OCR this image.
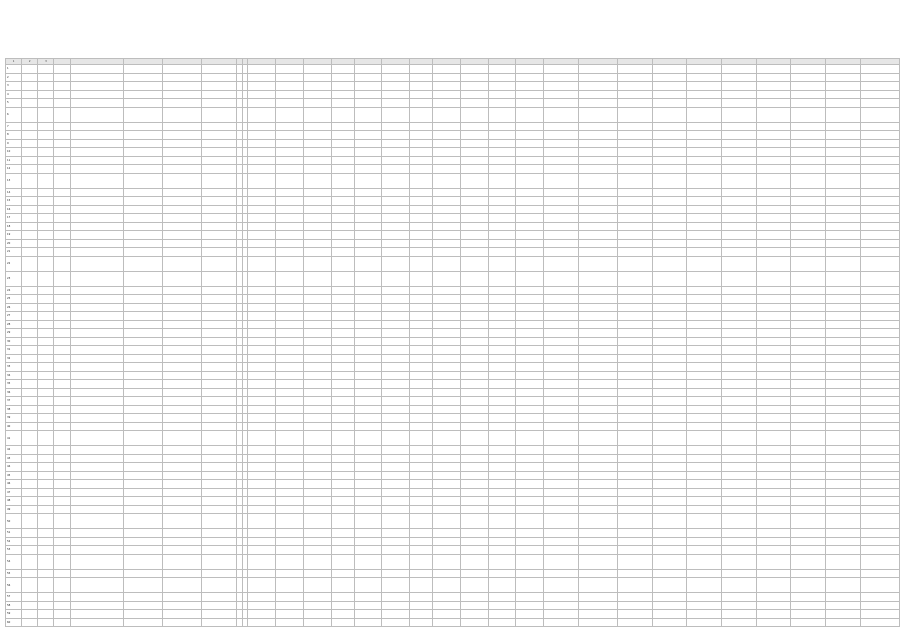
1	2	3																												
1																														
2																														
3																														
4																														
5																														
6																														
7																														
8																														
9																														
10																														
11																														
12																														
13																														
14																														
15																														
16																														
17																														
18																														
19																														
20																														
21																														
22																														
23																														
24																														
25																														
26																														
27																														
28																														
29																														
30																														
31																														
32																														
33																														
34																														
35																														
36																														
37																														
38																														
39																														
40																														
41																														
42																														
43																														
44																														
45																														
46																														
47																														
48																														
49																														
50																														
51																														
52																														
53																														
54																														
55																														
56																														
57																														
58																														
59																														
60																														
